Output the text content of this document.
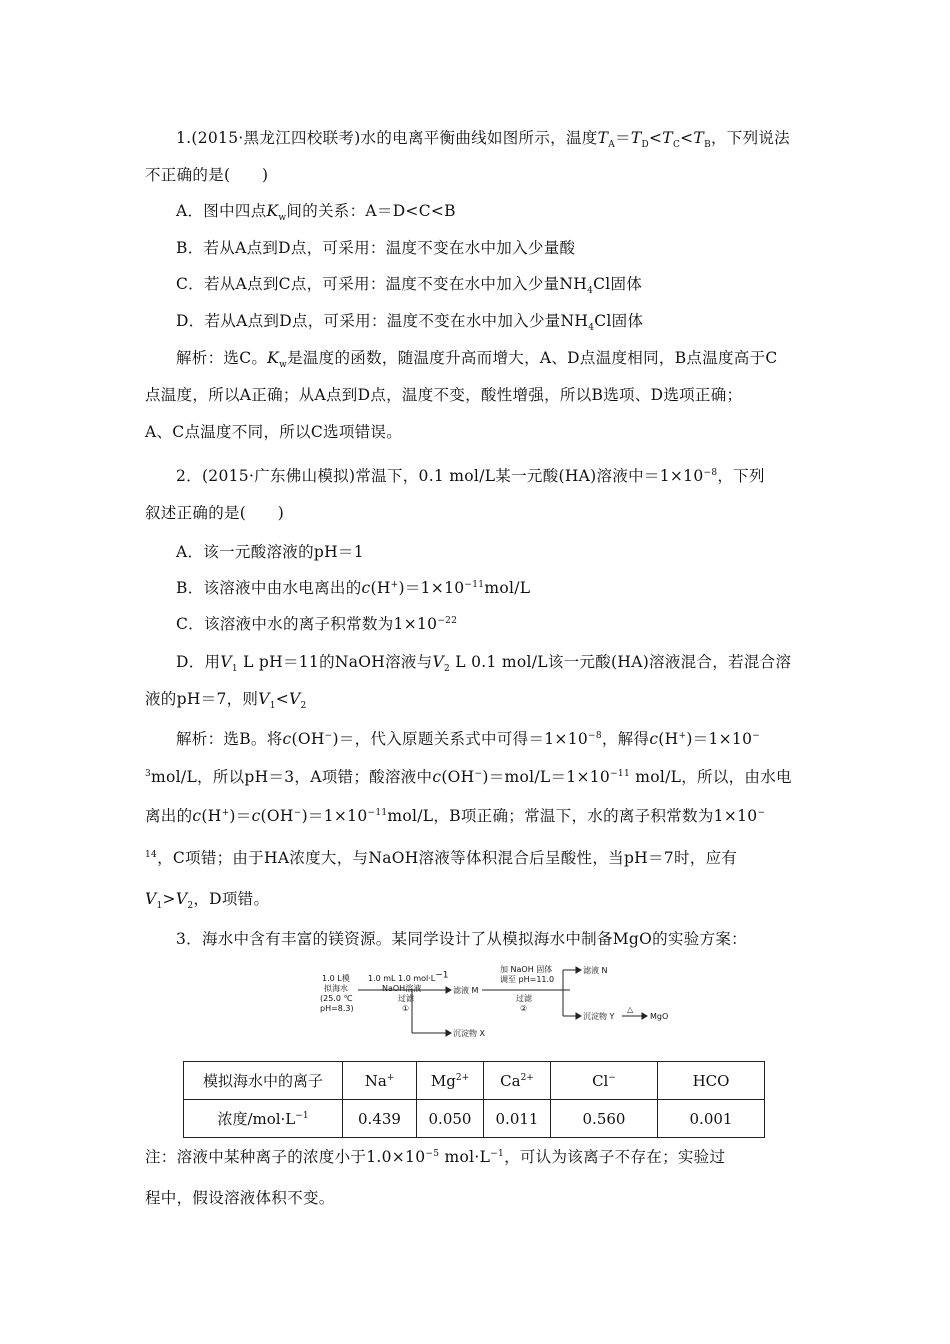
1.(2015·黑龙江四校联考)水的电离平衡曲线如图所示，温度$T_A=T_D<T_C<T_B$，下列说法
不正确的是(　　)
A．图中四点$K_w$间的关系：A＝D<C<B
B．若从A点到D点，可采用：温度不变在水中加入少量酸
C．若从A点到C点，可采用：温度不变在水中加入少量$NH_4Cl$固体
D．若从A点到D点，可采用：温度不变在水中加入少量$NH_4Cl$固体
解析：选C。$K_w$是温度的函数，随温度升高而增大，A、D点温度相同，B点温度高于C
点温度，所以A正确；从A点到D点，温度不变，酸性增强，所以B选项、D选项正确；
A、C点温度不同，所以C选项错误。
2．(2015·广东佛山模拟)常温下，0.1 mol/L某一元酸(HA)溶液中$=1\times 10^{-8}$，下列
叙述正确的是(　　)
A．该一元酸溶液的pH＝1
B．该溶液中由水电离出的$c(H^+)=1\times 10^{-11}mol/L$
C．该溶液中水的离子积常数为$1\times 10^{-22}$
D．用$V_1$ L pH＝11的NaOH溶液与$V_2$ L 0.1 mol/L该一元酸(HA)溶液混合，若混合溶
液的pH＝7，则$V_1<V_2$
解析：选B。将c(OH−)＝，代入原题关系式中可得$=1\times 10^{-8}$，解得c(H+)＝1×10−
$^3$mol/L，所以pH＝3，A项错；酸溶液中$c(OH^-)=mol/L=1\times 10^{-11}$ mol/L，所以，由水电
离出的$c(H^+)=c(OH^-)=1\times 10^{-11}mol/L$，B项正确；常温下，水的离子积常数为1×10−
$^{14}$，C项错；由于HA浓度大，与NaOH溶液等体积混合后呈酸性，当pH＝7时，应有
$V_1>V_2$，D项错。
3．海水中含有丰富的镁资源。某同学设计了从模拟海水中制备MgO的实验方案：
1.0 L模
拟海水
(25.0 ℃
pH=8.3)
1.0 mL 1.0 $mol\cdot L^{-1}$
NaOH溶液
过滤
①
滤液 M
沉淀物 X
加 NaOH 固体
调至 pH=11.0
过滤
②
滤液 N
沉淀物 Y
△
MgO
模拟海水中的离子	Na+	$Mg^{2+}$	$Ca^{2+}$	Cl−	HCO
浓度$/mol\cdot L^{-1}$	0.439	0.050	0.011	0.560	0.001
注：溶液中某种离子的浓度小于$1.0\times 10^{-5}$ $mol\cdot L^{-1}$，可认为该离子不存在；实验过
程中，假设溶液体积不变。
